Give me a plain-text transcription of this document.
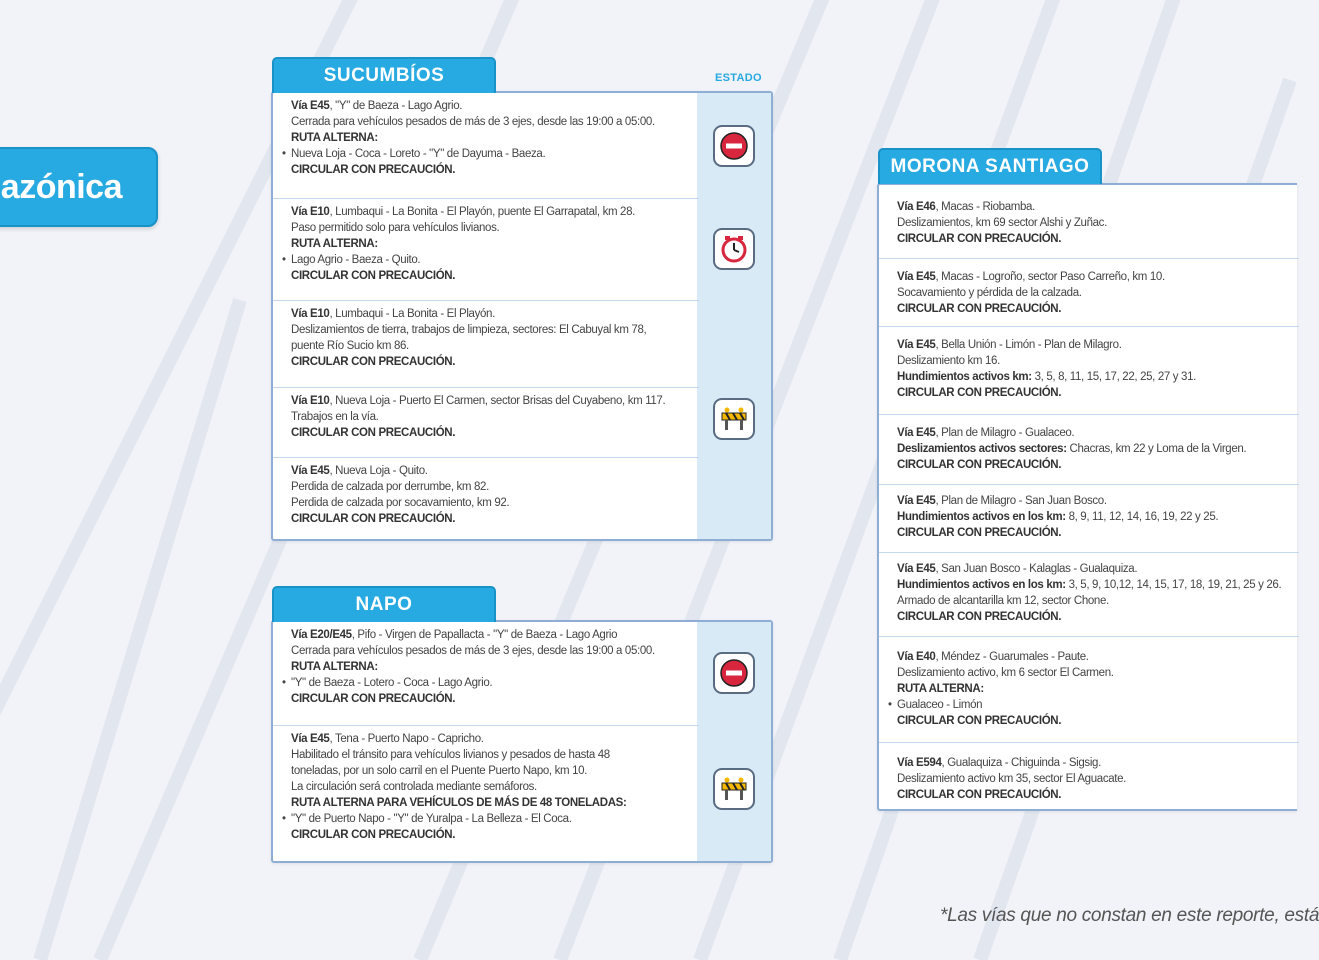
azónica
SUCUMBÍOS	ESTADO
Vía E45, "Y" de Baeza - Lago Agrio.
Cerrada para vehículos pesados de más de 3 ejes, desde las 19:00 a 05:00.
RUTA ALTERNA:
• Nueva Loja - Coca - Loreto - "Y" de Dayuma - Baeza.
CIRCULAR CON PRECAUCIÓN.
Vía E10, Lumbaqui - La Bonita - El Playón, puente El Garrapatal, km 28.
Paso permitido solo para vehículos livianos.
RUTA ALTERNA:
• Lago Agrio - Baeza - Quito.
CIRCULAR CON PRECAUCIÓN.
Vía E10, Lumbaqui - La Bonita - El Playón.
Deslizamientos de tierra, trabajos de limpieza, sectores: El Cabuyal km 78,
puente Río Sucio km 86.
CIRCULAR CON PRECAUCIÓN.
Vía E10, Nueva Loja - Puerto El Carmen, sector Brisas del Cuyabeno, km 117.
Trabajos en la vía.
CIRCULAR CON PRECAUCIÓN.
Vía E45, Nueva Loja - Quito.
Perdida de calzada por derrumbe, km 82.
Perdida de calzada por socavamiento, km 92.
CIRCULAR CON PRECAUCIÓN.
NAPO
Vía E20/E45, Pifo - Virgen de Papallacta - "Y" de Baeza - Lago Agrio
Cerrada para vehículos pesados de más de 3 ejes, desde las 19:00 a 05:00.
RUTA ALTERNA:
• "Y" de Baeza - Lotero - Coca - Lago Agrio.
CIRCULAR CON PRECAUCIÓN.
Vía E45, Tena - Puerto Napo - Capricho.
Habilitado el tránsito para vehículos livianos y pesados de hasta 48
toneladas, por un solo carril en el Puente Puerto Napo, km 10.
La circulación será controlada mediante semáforos.
RUTA ALTERNA PARA VEHÍCULOS DE MÁS DE 48 TONELADAS:
• "Y" de Puerto Napo - "Y" de Yuralpa - La Belleza - El Coca.
CIRCULAR CON PRECAUCIÓN.
MORONA SANTIAGO
Vía E46, Macas - Riobamba.
Deslizamientos, km 69 sector Alshi y Zuñac.
CIRCULAR CON PRECAUCIÓN.
Vía E45, Macas - Logroño, sector Paso Carreño, km 10.
Socavamiento y pérdida de la calzada.
CIRCULAR CON PRECAUCIÓN.
Vía E45, Bella Unión - Limón - Plan de Milagro.
Deslizamiento km 16.
Hundimientos activos km: 3, 5, 8, 11, 15, 17, 22, 25, 27 y 31.
CIRCULAR CON PRECAUCIÓN.
Vía E45, Plan de Milagro - Gualaceo.
Deslizamientos activos sectores: Chacras, km 22 y Loma de la Virgen.
CIRCULAR CON PRECAUCIÓN.
Vía E45, Plan de Milagro - San Juan Bosco.
Hundimientos activos en los km: 8, 9, 11, 12, 14, 16, 19, 22 y 25.
CIRCULAR CON PRECAUCIÓN.
Vía E45, San Juan Bosco - Kalaglas - Gualaquiza.
Hundimientos activos en los km: 3, 5, 9, 10,12, 14, 15, 17, 18, 19, 21, 25 y 26.
Armado de alcantarilla km 12, sector Chone.
CIRCULAR CON PRECAUCIÓN.
Vía E40, Méndez - Guarumales - Paute.
Deslizamiento activo, km 6 sector El Carmen.
RUTA ALTERNA:
• Gualaceo - Limón
CIRCULAR CON PRECAUCIÓN.
Vía E594, Gualaquiza - Chiguinda - Sigsig.
Deslizamiento activo km 35, sector El Aguacate.
CIRCULAR CON PRECAUCIÓN.
*Las vías que no constan en este reporte, está
